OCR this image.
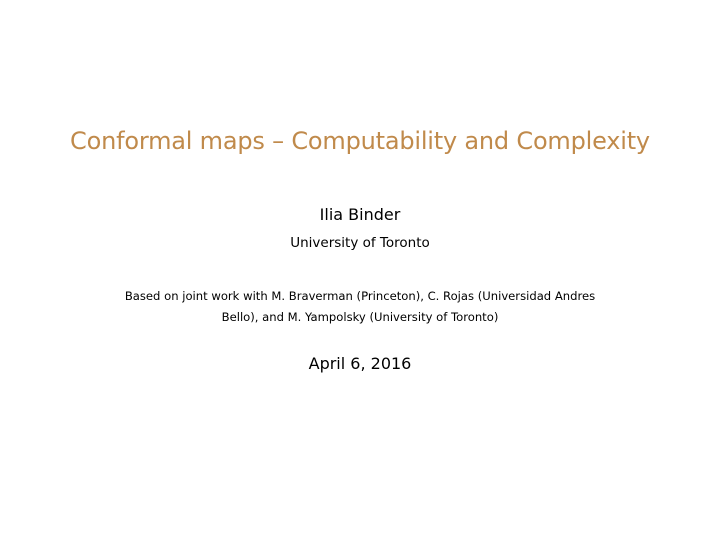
Conformal maps – Computability and Complexity
Ilia Binder
University of Toronto
Based on joint work with M. Braverman (Princeton), C. Rojas (Universidad Andres
Bello), and M. Yampolsky (University of Toronto)
April 6, 2016
